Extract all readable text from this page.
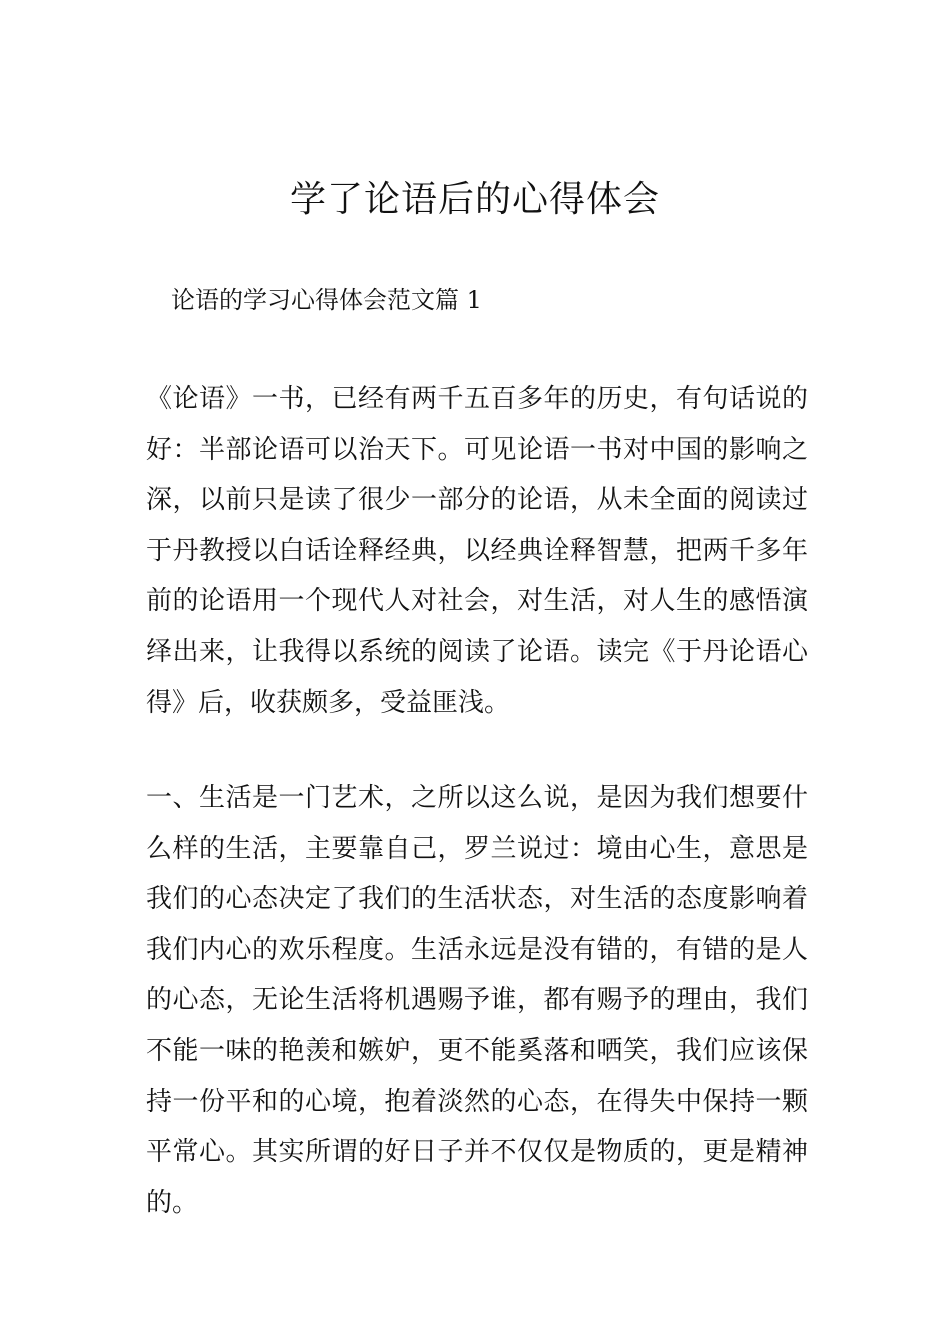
学了论语后的心得体会

论语的学习心得体会范文篇 1

《论语》一书，已经有两千五百多年的历史，有句话说的好：半部论语可以治天下。可见论语一书对中国的影响之深，以前只是读了很少一部分的论语，从未全面的阅读过于丹教授以白话诠释经典，以经典诠释智慧，把两千多年前的论语用一个现代人对社会，对生活，对人生的感悟演绎出来，让我得以系统的阅读了论语。读完《于丹论语心得》后，收获颇多，受益匪浅。

一、生活是一门艺术，之所以这么说，是因为我们想要什么样的生活，主要靠自己，罗兰说过：境由心生，意思是我们的心态决定了我们的生活状态，对生活的态度影响着我们内心的欢乐程度。生活永远是没有错的，有错的是人的心态，无论生活将机遇赐予谁，都有赐予的理由，我们不能一味的艳羡和嫉妒，更不能奚落和哂笑，我们应该保持一份平和的心境，抱着淡然的心态，在得失中保持一颗平常心。其实所谓的好日子并不仅仅是物质的，更是精神的。
